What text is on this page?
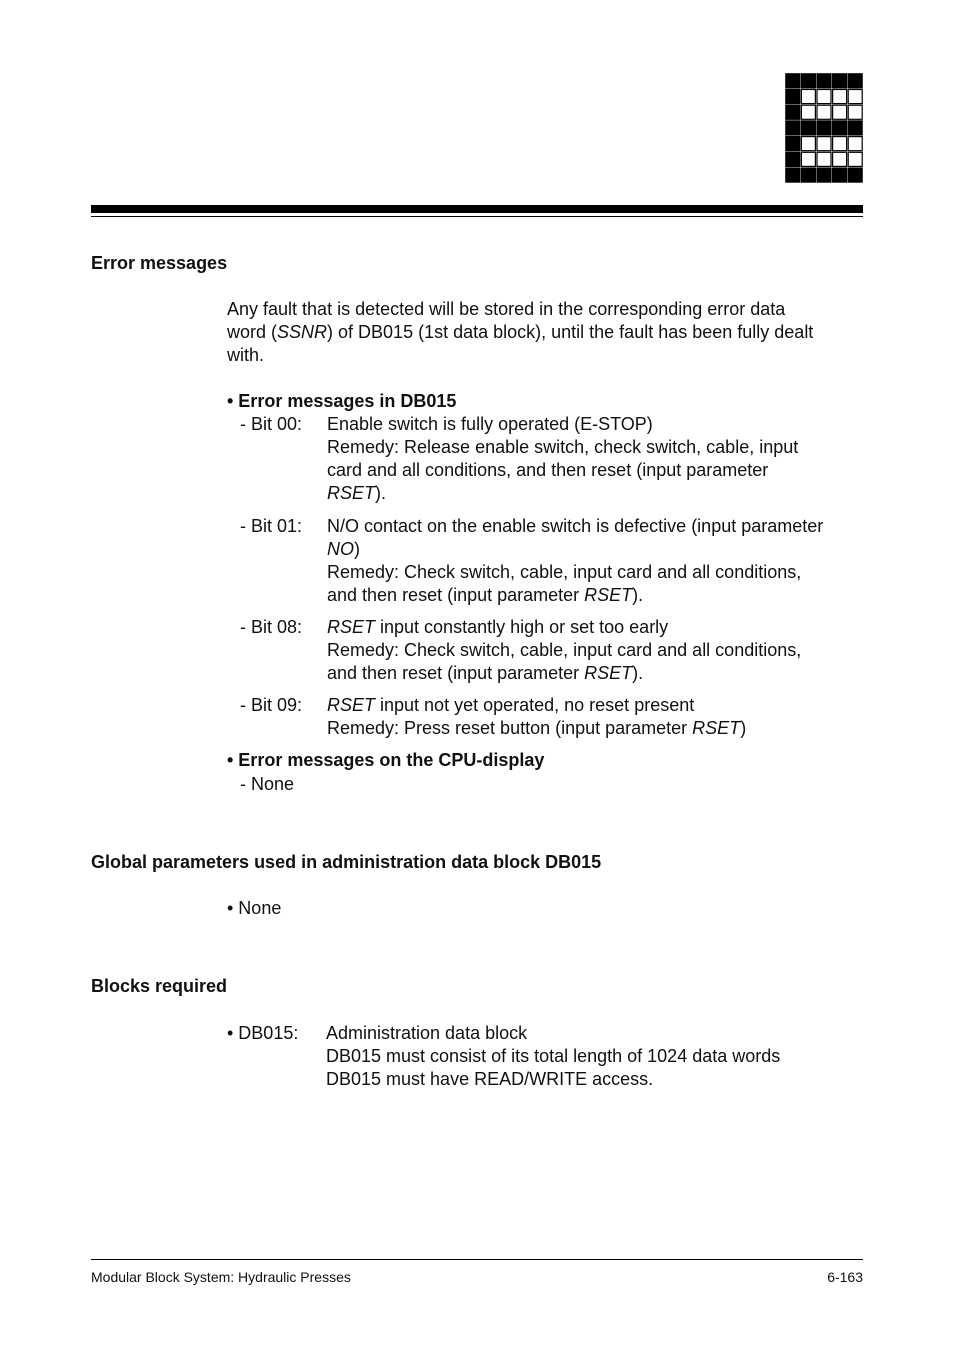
Error messages
Any fault that is detected will be stored in the corresponding error data
word (SSNR) of DB015 (1st data block), until the fault has been fully dealt
with.
• Error messages in DB015
- Bit 00: Enable switch is fully operated (E-STOP)
Remedy: Release enable switch, check switch, cable, input
card and all conditions, and then reset (input parameter
RSET).
- Bit 01: N/O contact on the enable switch is defective (input parameter
NO)
Remedy: Check switch, cable, input card and all conditions,
and then reset (input parameter RSET).
- Bit 08: RSET input constantly high or set too early
Remedy: Check switch, cable, input card and all conditions,
and then reset (input parameter RSET).
- Bit 09: RSET input not yet operated, no reset present
Remedy: Press reset button (input parameter RSET)
• Error messages on the CPU-display
- None
Global parameters used in administration data block DB015
• None
Blocks required
• DB015: Administration data block
DB015 must consist of its total length of 1024 data words
DB015 must have READ/WRITE access.
Modular Block System: Hydraulic Presses	6-163
